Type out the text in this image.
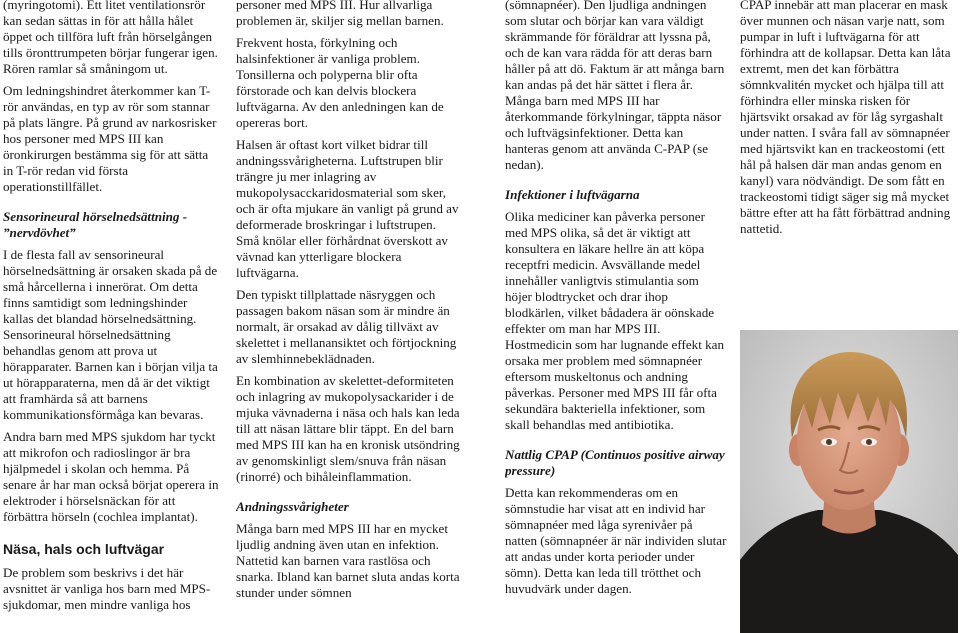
(myringotomi). Ett litet ventilationsrör kan sedan sättas in för att hålla hålet öppet och tillföra luft från hörselgången tills öronttrumpeten börjar fungerar igen. Rören ramlar så småningom ut.

Om ledningshindret återkommer kan T-rör användas, en typ av rör som stannar på plats längre. På grund av narkosrisker hos personer med MPS III kan öronkirurgen bestämma sig för att sätta in T-rör redan vid första operationstillfället.

Sensorineural hörselnedsättning - ”nervdövhet”

I de flesta fall av sensorineural hörselnedsättning är orsaken skada på de små hårcellerna i innerörat. Om detta finns samtidigt som ledningshinder kallas det blandad hörselnedsättning. Sensorineural hörselnedsättning behandlas genom att prova ut hörapparater. Barnen kan i början vilja ta ut hörapparaterna, men då är det viktigt att framhärda så att barnens kommunikationsförmåga kan bevaras.

Andra barn med MPS sjukdom har tyckt att mikrofon och radioslingor är bra hjälpmedel i skolan och hemma. På senare år har man också börjat operera in elektroder i hörselsnäckan för att förbättra hörseln (cochlea implantat).

Näsa, hals och luftvägar

De problem som beskrivs i det här avsnittet är vanliga hos barn med MPS-sjukdomar, men mindre vanliga hos

personer med MPS III. Hur allvarliga problemen är, skiljer sig mellan barnen.

Frekvent hosta, förkylning och halsinfektioner är vanliga problem. Tonsillerna och polyperna blir ofta förstorade och kan delvis blockera luftvägarna. Av den anledningen kan de opereras bort.

Halsen är oftast kort vilket bidrar till andningssvårigheterna. Luftstrupen blir trängre ju mer inlagring av mukopolysacckaridosmaterial som sker, och är ofta mjukare än vanligt på grund av deformerade broskringar i luftstrupen. Små knölar eller förhårdnat överskott av vävnad kan ytterligare blockera luftvägarna.

Den typiskt tillplattade näsryggen och passagen bakom näsan som är mindre än normalt, är orsakad av dålig tillväxt av skelettet i mellanansiktet och förtjockning av slemhinnebeklädnaden.

En kombination av skelettet-deformiteten och inlagring av mukopolysackarider i de mjuka vävnaderna i näsa och hals kan leda till att näsan lättare blir täppt. En del barn med MPS III kan ha en kronisk utsöndring av genomskinligt slem/snuva från näsan (rinorré) och bihåleinflammation.

Andningssvårigheter

Många barn med MPS III har en mycket ljudlig andning även utan en infektion. Nattetid kan barnen vara rastlösa och snarka. Ibland kan barnet sluta andas korta stunder under sömnen

(sömnapnéer). Den ljudliga andningen som slutar och börjar kan vara väldigt skrämmande för föräldrar att lyssna på, och de kan vara rädda för att deras barn håller på att dö. Faktum är att många barn kan andas på det här sättet i flera år. Många barn med MPS III har återkommande förkylningar, täppta näsor och luftvägsinfektioner. Detta kan hanteras genom att använda C-PAP (se nedan).

Infektioner i luftvägarna

Olika mediciner kan påverka personer med MPS olika, så det är viktigt att konsultera en läkare hellre än att köpa receptfri medicin. Avsvällande medel innehåller vanligtvis stimulantia som höjer blodtrycket och drar ihop blodkärlen, vilket bådadera är oönskade effekter om man har MPS III. Hostmedicin som har lugnande effekt kan orsaka mer problem med sömnapnéer eftersom muskeltonus och andning påverkas. Personer med MPS III får ofta sekundära bakteriella infektioner, som skall behandlas med antibiotika.

Nattlig CPAP (Continuos positive airway pressure)

Detta kan rekommenderas om en sömnstudie har visat att en individ har sömnapnéer med låga syrenivåer på natten (sömnapnéer är när individen slutar att andas under korta perioder under sömn). Detta kan leda till trötthet och huvudvärk under dagen.

CPAP innebär att man placerar en mask över munnen och näsan varje natt, som pumpar in luft i luftvägarna för att förhindra att de kollapsar. Detta kan låta extremt, men det kan förbättra sömnkvalitén mycket och hjälpa till att förhindra eller minska risken för hjärtsvikt orsakad av för låg syrgashalt under natten. I svåra fall av sömnapnéer med hjärtsvikt kan en trackeostomi (ett hål på halsen där man andas genom en kanyl) vara nödvändigt. De som fått en trackeostomi tidigt säger sig må mycket bättre efter att ha fått förbättrad andning nattetid.
